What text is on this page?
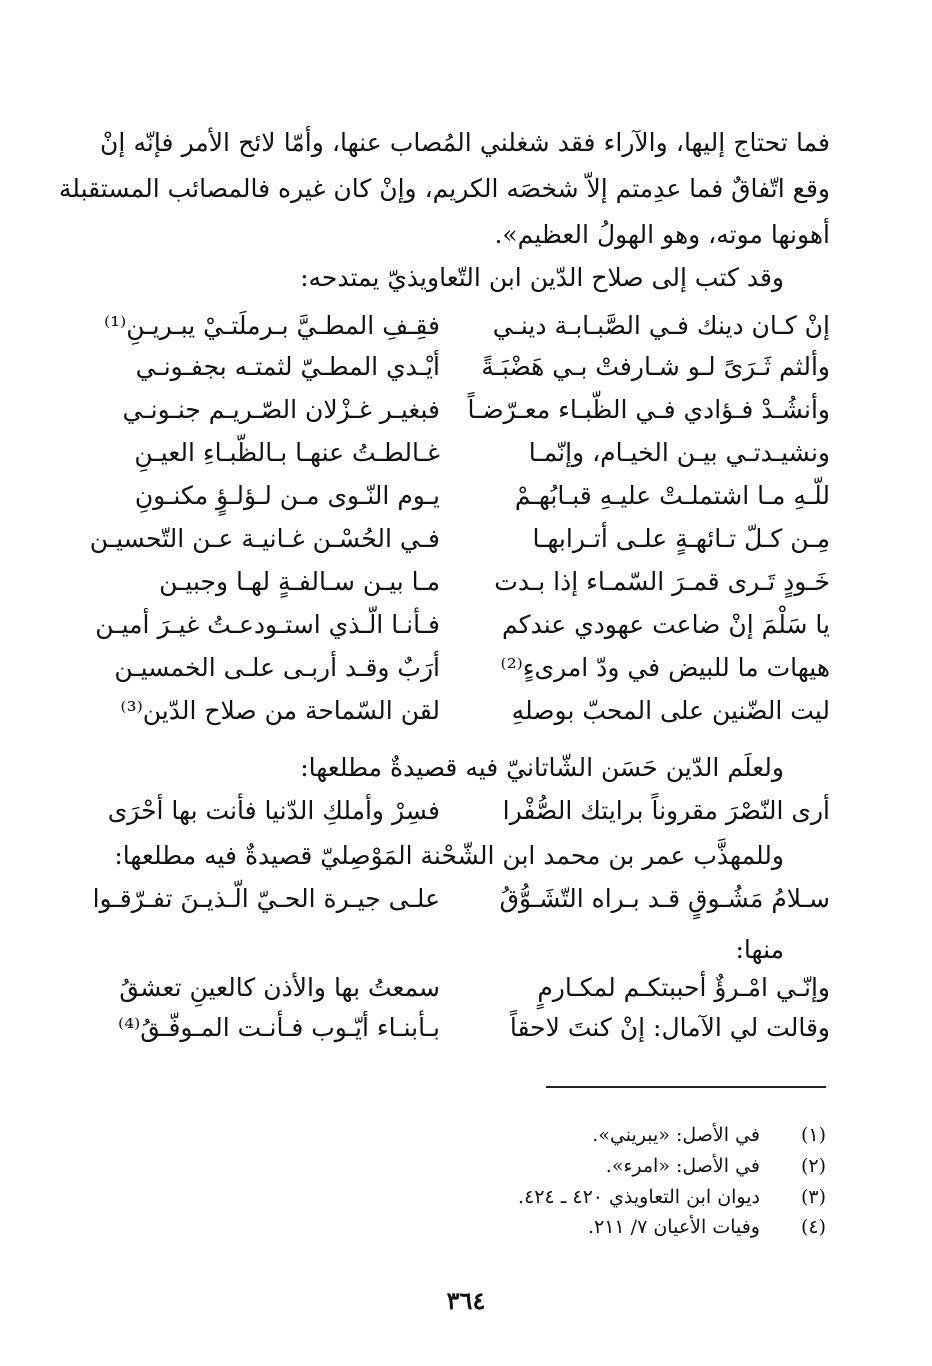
فما تحتاج إليها، والآراء فقد شغلني المُصاب عنها، وأمّا لائح الأمر فإنّه إنْ
وقع اتّفاقٌ فما عدِمتم إلاّ شخصَه الكريم، وإنْ كان غيره فالمصائب المستقبلة
أهونها موته، وهو الهولُ العظيم».
وقد كتب إلى صلاح الدّين ابن التّعاويذيّ يمتدحه:
إنْ كـان دينك فـي الصَّبـابـة دينـي
فقِـفِ المطـيَّ بـرملَتـيْ يبـريـنِ⁽¹⁾
وألثم ثَـرَىً لـو شـارفتْ بـي هَضْبَـةً
أيْـدي المطـيّ لثمتـه بجفـونـي
وأنشُـدْ فـؤادي فـي الظّبـاء معـرّضـاً
فبغيـر غـزْلان الصّـريـم جنـونـي
ونشيـدتـي بيـن الخيـام، وإنّمـا
غـالطـتُ عنهـا بـالظّبـاءِ العيـنِ
للّـهِ مـا اشتملـتْ عليـهِ قبـابُهـمْ
يـوم النّـوى مـن لـؤلـؤٍ مكنـونِ
مِـن كـلّ تـائهـةٍ علـى أتـرابهـا
فـي الحُسْـن غـانيـة عـن التّحسيـن
خَـودٍ تَـرى قمـرَ السّمـاء إذا بـدت
مـا بيـن سـالفـةٍ لهـا وجبيـن
يا سَلْمَ إنْ ضاعت عهودي عندكم
فـأنـا الّـذي استـودعـتُ غيـرَ أميـن
هيهات ما للبيض في ودّ امرىءٍ⁽²⁾
أرَبٌ وقـد أربـى علـى الخمسيـن
ليت الضّنين على المحبّ بوصلهِ
لقن السّماحة من صلاح الدّين⁽³⁾
ولعلَم الدّين حَسَن الشّاتانيّ فيه قصيدةٌ مطلعها:
أرى النّصْرَ مقروناً برايتك الصُّفْرا
فسِرْ وأملكِ الدّنيا فأنت بها أحْرَى
وللمهذَّب عمر بن محمد ابن الشّحْنة المَوْصِليّ قصيدةٌ فيه مطلعها:
سـلامُ مَشُـوقٍ قـد بـراه التّشَـوُّقُ
علـى جيـرة الحـيّ الّـذيـنَ تفـرّقـوا
منها:
وإنّـي امْـرؤٌ أحببتكـم لمكـارمٍ
سمعتُ بها والأذن كالعينِ تعشقُ
وقالت لي الآمال: إنْ كنتَ لاحقاً
بـأبنـاء أيّـوب فـأنـت المـوفّـقُ⁽⁴⁾
(١)
في الأصل: «يبريني».
(٢)
في الأصل: «امرء».
(٣)
ديوان ابن التعاويذي ٤٢٠ ـ ٤٢٤.
(٤)
وفيات الأعيان ٧/ ٢١١.
٣٦٤
